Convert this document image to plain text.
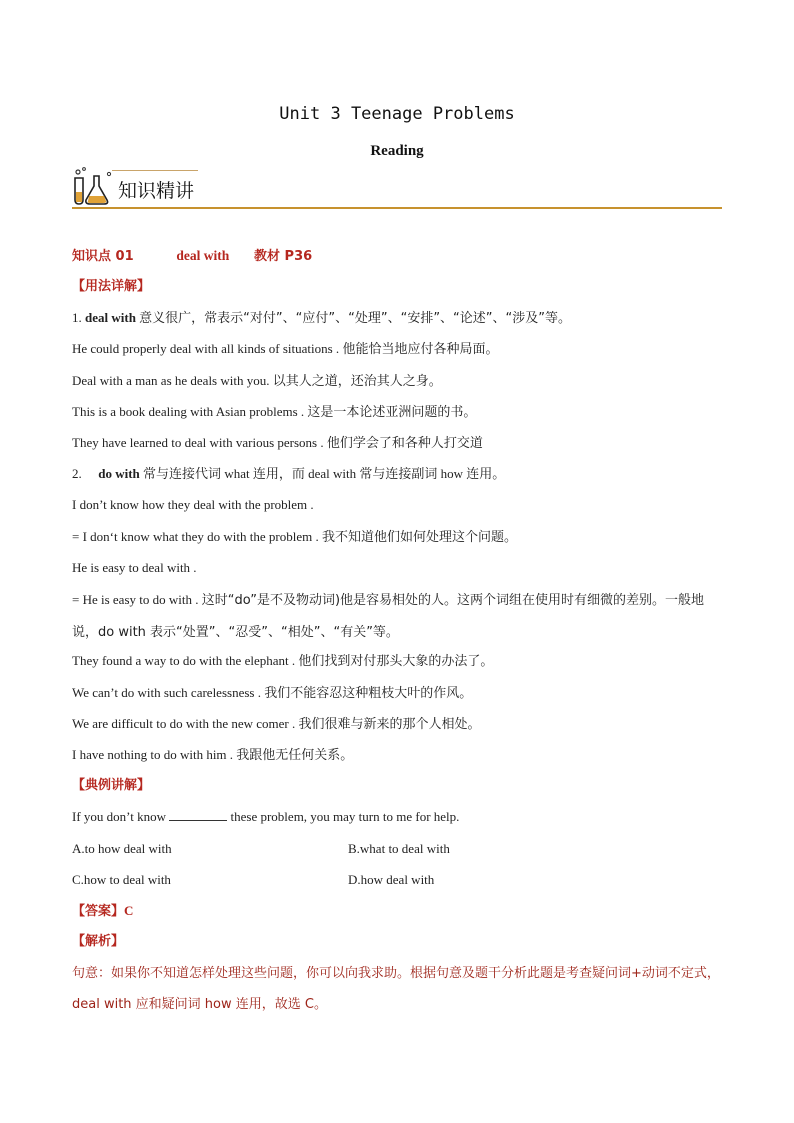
Unit 3 Teenage Problems
Reading
知识精讲
知识点 01	deal with 教材 P36
【用法详解】
1. deal with 意义很广，常表示“对付”、“应付”、“处理”、“安排”、“论述”、“涉及”等。
He could properly deal with all kinds of situations . 他能恰当地应付各种局面。
Deal with a man as he deals with you. 以其人之道，还治其人之身。
This is a book dealing with Asian problems . 这是一本论述亚洲问题的书。
They have learned to deal with various persons . 他们学会了和各种人打交道
2. do with 常与连接代词 what 连用，而 deal with 常与连接副词 how 连用。
I don’t know how they deal with the problem .
= I don‘t know what they do with the problem . 我不知道他们如何处理这个问题。
He is easy to deal with .
= He is easy to do with . 这时“do”是不及物动词)他是容易相处的人。这两个词组在使用时有细微的差别。一般地说，do with 表示“处置”、“忍受”、“相处”、“有关”等。
They found a way to do with the elephant . 他们找到对付那头大象的办法了。
We can’t do with such carelessness . 我们不能容忍这种粗枝大叶的作风。
We are difficult to do with the new comer . 我们很难与新来的那个人相处。
I have nothing to do with him . 我跟他无任何关系。
【典例讲解】
If you don’t know	these problem, you may turn to me for help.
A.to how deal with	B.what to deal with
C.how to deal with	D.how deal with
【答案】C
【解析】
句意：如果你不知道怎样处理这些问题，你可以向我求助。根据句意及题干分析此题是考查疑问词+动词不定式，deal with 应和疑问词 how 连用，故选 C。
